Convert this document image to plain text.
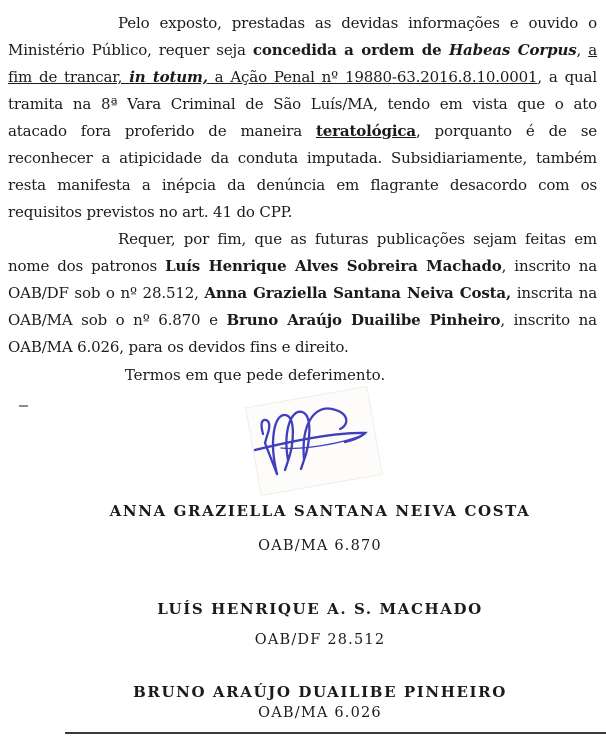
Pelo exposto, prestadas as devidas informações e ouvido o
Ministério Público, requer seja concedida a ordem de Habeas Corpus, a
fim de trancar, in totum, a Ação Penal nº 19880-63.2016.8.10.0001, a qual
tramita na 8ª Vara Criminal de São Luís/MA, tendo em vista que o ato
atacado fora proferido de maneira teratológica, porquanto é de se
reconhecer a atipicidade da conduta imputada. Subsidiariamente, também
resta manifesta a inépcia da denúncia em flagrante desacordo com os
requisitos previstos no art. 41 do CPP.
Requer, por fim, que as futuras publicações sejam feitas em
nome dos patronos Luís Henrique Alves Sobreira Machado, inscrito na
OAB/DF sob o nº 28.512, Anna Graziella Santana Neiva Costa, inscrita na
OAB/MA sob o nº 6.870 e Bruno Araújo Duailibe Pinheiro, inscrito na
OAB/MA 6.026, para os devidos fins e direito.
Termos em que pede deferimento.
ANNA GRAZIELLA SANTANA NEIVA COSTA
OAB/MA 6.870
LUÍS HENRIQUE A. S. MACHADO
OAB/DF 28.512
BRUNO ARAÚJO DUAILIBE PINHEIRO
OAB/MA 6.026
